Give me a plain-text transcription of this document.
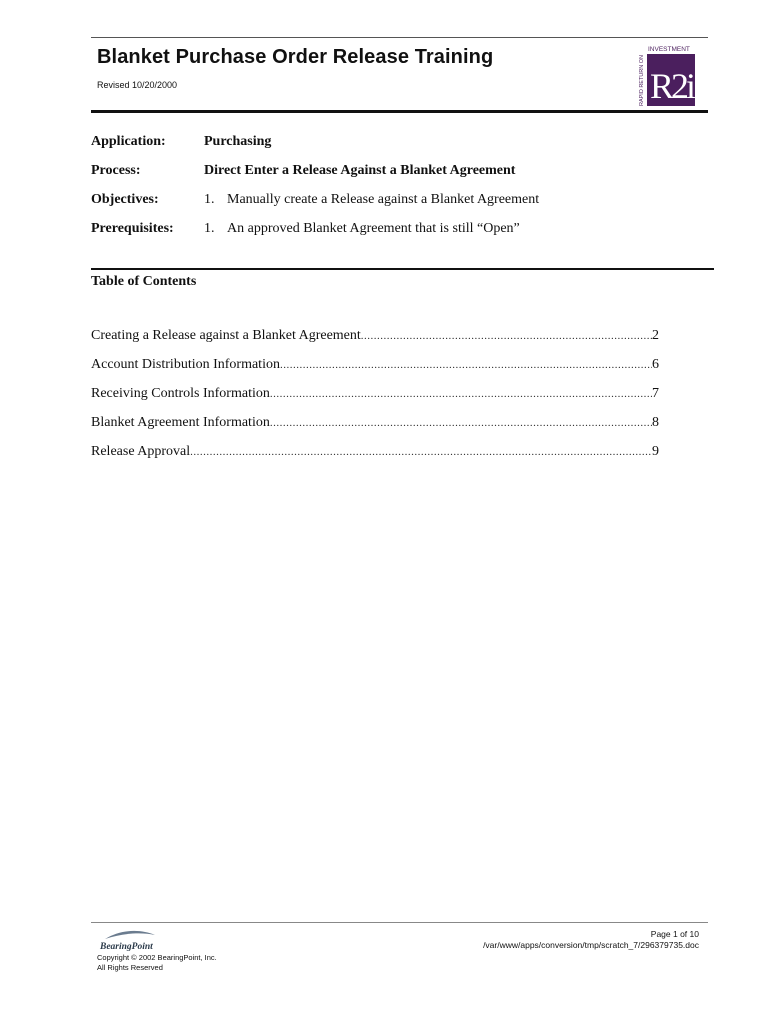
Blanket Purchase Order Release Training
Revised 10/20/2000
INVESTMENT
RAPID RETURN ON R2i
Application:	Purchasing
Process:	Direct Enter a Release Against a Blanket Agreement
Objectives:	1. Manually create a Release against a Blanket Agreement
Prerequisites: 1. An approved Blanket Agreement that is still “Open”
Table of Contents
Creating a Release against a Blanket Agreement .....	2
Account Distribution Information .....	6
Receiving Controls Information .....	7
Blanket Agreement Information .....	8
Release Approval .....	9
BearingPoint
Copyright © 2002 BearingPoint, Inc.
All Rights Reserved
Page 1 of 10
/var/www/apps/conversion/tmp/scratch_7/296379735.doc
